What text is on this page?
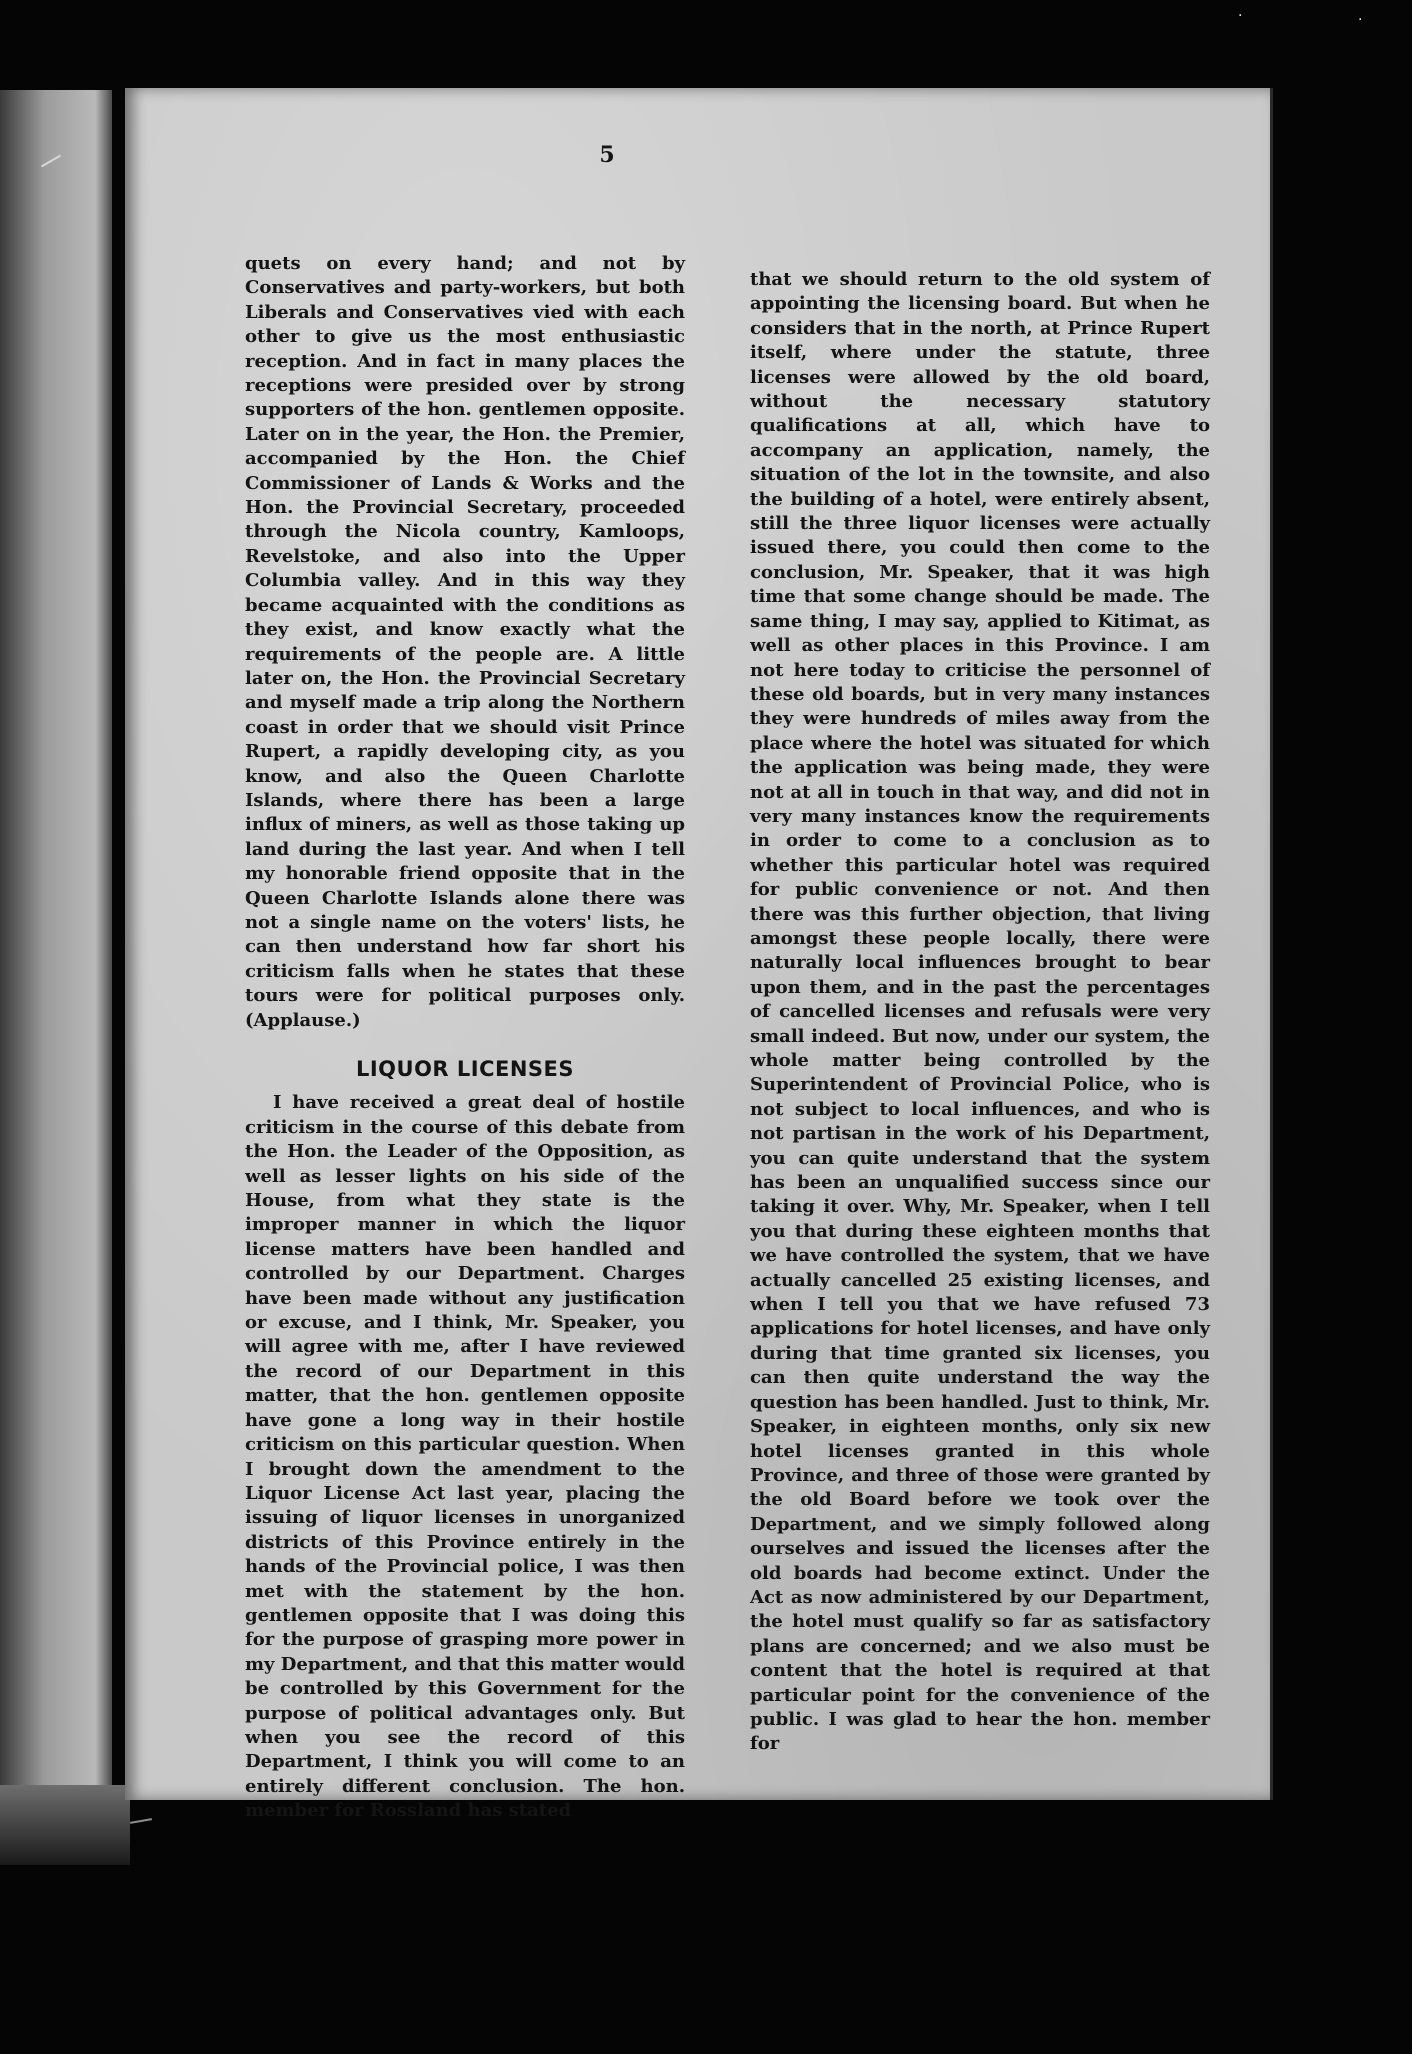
·	·
5

quets on every hand; and not by Conservatives and party-workers, but both Liberals and Conservatives vied with each other to give us the most enthusiastic reception. And in fact in many places the receptions were presided over by strong supporters of the hon. gentlemen opposite. Later on in the year, the Hon. the Premier, accompanied by the Hon. the Chief Commissioner of Lands & Works and the Hon. the Provincial Secretary, proceeded through the Nicola country, Kamloops, Revelstoke, and also into the Upper Columbia valley. And in this way they became acquainted with the conditions as they exist, and know exactly what the requirements of the people are. A little later on, the Hon. the Provincial Secretary and myself made a trip along the Northern coast in order that we should visit Prince Rupert, a rapidly developing city, as you know, and also the Queen Charlotte Islands, where there has been a large influx of miners, as well as those taking up land during the last year. And when I tell my honorable friend opposite that in the Queen Charlotte Islands alone there was not a single name on the voters' lists, he can then understand how far short his criticism falls when he states that these tours were for political purposes only. (Applause.)

LIQUOR LICENSES

I have received a great deal of hostile criticism in the course of this debate from the Hon. the Leader of the Opposition, as well as lesser lights on his side of the House, from what they state is the improper manner in which the liquor license matters have been handled and controlled by our Department. Charges have been made without any justification or excuse, and I think, Mr. Speaker, you will agree with me, after I have reviewed the record of our Department in this matter, that the hon. gentlemen opposite have gone a long way in their hostile criticism on this particular question. When I brought down the amendment to the Liquor License Act last year, placing the issuing of liquor licenses in unorganized districts of this Province entirely in the hands of the Provincial police, I was then met with the statement by the hon. gentlemen opposite that I was doing this for the purpose of grasping more power in my Department, and that this matter would be controlled by this Government for the purpose of political advantages only. But when you see the record of this Department, I think you will come to an entirely different conclusion. The hon. member for Rossland has stated

that we should return to the old system of appointing the licensing board. But when he considers that in the north, at Prince Rupert itself, where under the statute, three licenses were allowed by the old board, without the necessary statutory qualifications at all, which have to accompany an application, namely, the situation of the lot in the townsite, and also the building of a hotel, were entirely absent, still the three liquor licenses were actually issued there, you could then come to the conclusion, Mr. Speaker, that it was high time that some change should be made. The same thing, I may say, applied to Kitimat, as well as other places in this Province. I am not here today to criticise the personnel of these old boards, but in very many instances they were hundreds of miles away from the place where the hotel was situated for which the application was being made, they were not at all in touch in that way, and did not in very many instances know the requirements in order to come to a conclusion as to whether this particular hotel was required for public convenience or not. And then there was this further objection, that living amongst these people locally, there were naturally local influences brought to bear upon them, and in the past the percentages of cancelled licenses and refusals were very small indeed. But now, under our system, the whole matter being controlled by the Superintendent of Provincial Police, who is not subject to local influences, and who is not partisan in the work of his Department, you can quite understand that the system has been an unqualified success since our taking it over. Why, Mr. Speaker, when I tell you that during these eighteen months that we have controlled the system, that we have actually cancelled 25 existing licenses, and when I tell you that we have refused 73 applications for hotel licenses, and have only during that time granted six licenses, you can then quite understand the way the question has been handled. Just to think, Mr. Speaker, in eighteen months, only six new hotel licenses granted in this whole Province, and three of those were granted by the old Board before we took over the Department, and we simply followed along ourselves and issued the licenses after the old boards had become extinct. Under the Act as now administered by our Department, the hotel must qualify so far as satisfactory plans are concerned; and we also must be content that the hotel is required at that particular point for the convenience of the public. I was glad to hear the hon. member for
